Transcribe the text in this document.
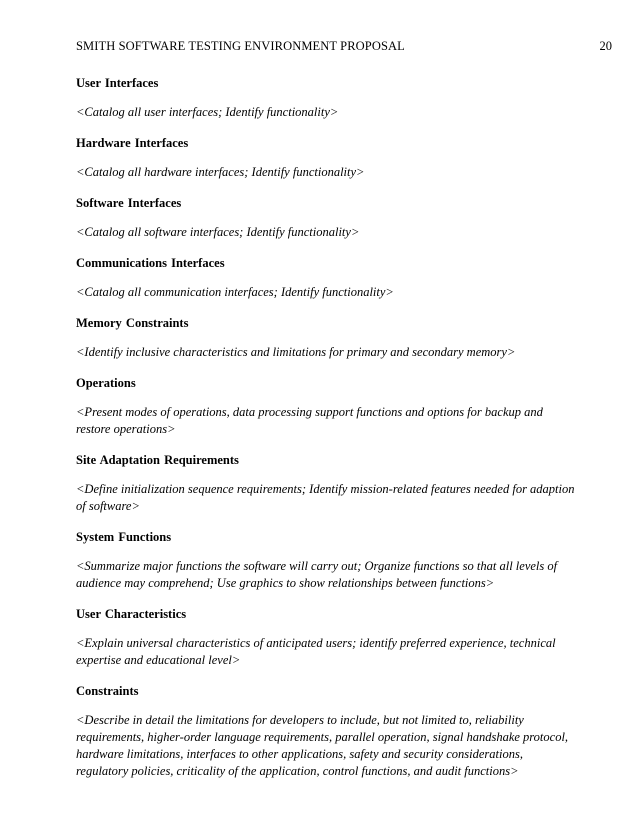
SMITH SOFTWARE TESTING ENVIRONMENT PROPOSAL	20

User Interfaces

<Catalog all user interfaces; Identify functionality>

Hardware Interfaces

<Catalog all hardware interfaces; Identify functionality>

Software Interfaces

<Catalog all software interfaces; Identify functionality>

Communications Interfaces

<Catalog all communication interfaces; Identify functionality>

Memory Constraints

<Identify inclusive characteristics and limitations for primary and secondary memory>

Operations

<Present modes of operations, data processing support functions and options for backup and restore operations>

Site Adaptation Requirements

<Define initialization sequence requirements; Identify mission-related features needed for adaption of software>

System Functions

<Summarize major functions the software will carry out; Organize functions so that all levels of audience may comprehend; Use graphics to show relationships between functions>

User Characteristics

<Explain universal characteristics of anticipated users; identify preferred experience, technical expertise and educational level>

Constraints

<Describe in detail the limitations for developers to include, but not limited to, reliability requirements, higher-order language requirements, parallel operation, signal handshake protocol, hardware limitations, interfaces to other applications, safety and security considerations, regulatory policies, criticality of the application, control functions, and audit functions>
